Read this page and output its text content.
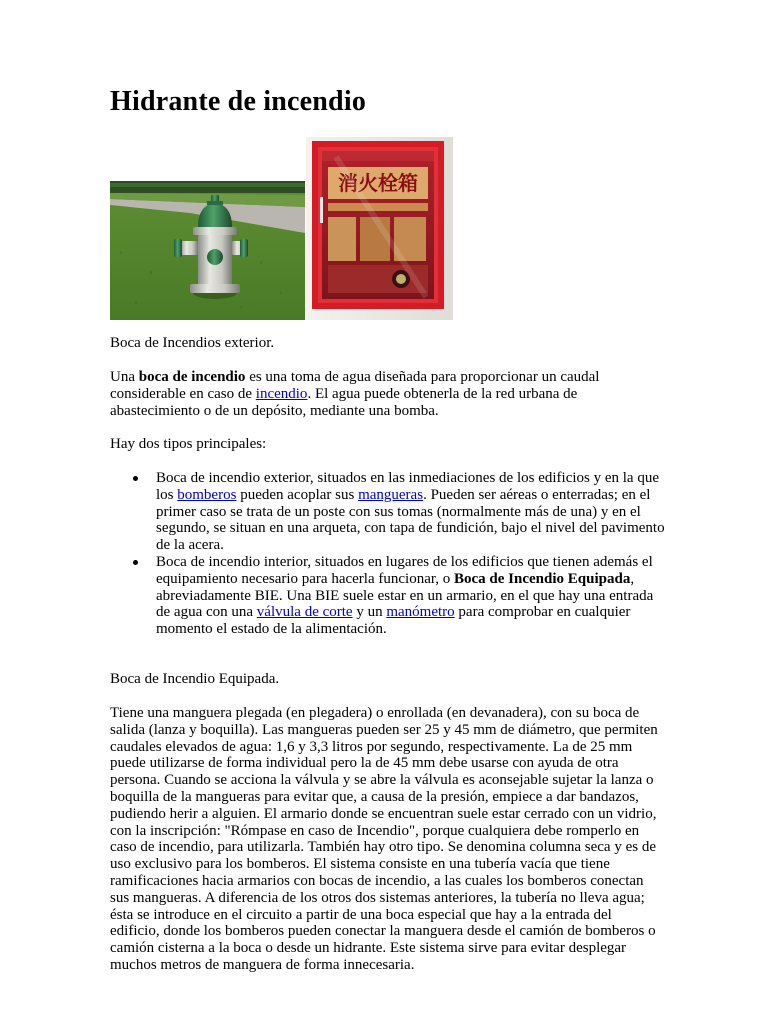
Hidrante de incendio
消火栓箱

Boca de Incendios exterior.

Una boca de incendio es una toma de agua diseñada para proporcionar un caudal considerable en caso de incendio. El agua puede obtenerla de la red urbana de abastecimiento o de un depósito, mediante una bomba.

Hay dos tipos principales:

Boca de incendio exterior, situados en las inmediaciones de los edificios y en la que los bomberos pueden acoplar sus mangueras. Pueden ser aéreas o enterradas; en el primer caso se trata de un poste con sus tomas (normalmente más de una) y en el segundo, se situan en una arqueta, con tapa de fundición, bajo el nivel del pavimento de la acera.

Boca de incendio interior, situados en lugares de los edificios que tienen además el equipamiento necesario para hacerla funcionar, o Boca de Incendio Equipada, abreviadamente BIE. Una BIE suele estar en un armario, en el que hay una entrada de agua con una válvula de corte y un manómetro para comprobar en cualquier momento el estado de la alimentación.

Boca de Incendio Equipada.

Tiene una manguera plegada (en plegadera) o enrollada (en devanadera), con su boca de salida (lanza y boquilla). Las mangueras pueden ser 25 y 45 mm de diámetro, que permiten caudales elevados de agua: 1,6 y 3,3 litros por segundo, respectivamente. La de 25 mm puede utilizarse de forma individual pero la de 45 mm debe usarse con ayuda de otra persona. Cuando se acciona la válvula y se abre la válvula es aconsejable sujetar la lanza o boquilla de la mangueras para evitar que, a causa de la presión, empiece a dar bandazos, pudiendo herir a alguien. El armario donde se encuentran suele estar cerrado con un vidrio, con la inscripción: "Rómpase en caso de Incendio", porque cualquiera debe romperlo en caso de incendio, para utilizarla. También hay otro tipo. Se denomina columna seca y es de uso exclusivo para los bomberos. El sistema consiste en una tubería vacía que tiene ramificaciones hacia armarios con bocas de incendio, a las cuales los bomberos conectan sus mangueras. A diferencia de los otros dos sistemas anteriores, la tubería no lleva agua; ésta se introduce en el circuito a partir de una boca especial que hay a la entrada del edificio, donde los bomberos pueden conectar la manguera desde el camión de bomberos o camión cisterna a la boca o desde un hidrante. Este sistema sirve para evitar desplegar muchos metros de manguera de forma innecesaria.
